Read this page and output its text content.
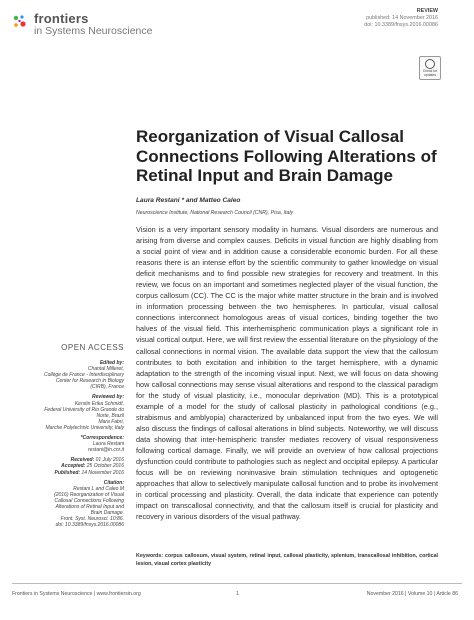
frontiers
in Systems Neuroscience
REVIEW
published: 14 November 2016
doi: 10.3389/fnsys.2016.00086
Check for updates
Reorganization of Visual Callosal Connections Following Alterations of Retinal Input and Brain Damage
Laura Restani * and Matteo Caleo
Neuroscience Institute, National Research Council (CNR), Pisa, Italy

Vision is a very important sensory modality in humans. Visual disorders are numerous and arising from diverse and complex causes. Deficits in visual function are highly disabling from a social point of view and in addition cause a considerable economic burden. For all these reasons there is an intense effort by the scientific community to gather knowledge on visual deficit mechanisms and to find possible new strategies for recovery and treatment. In this review, we focus on an important and sometimes neglected player of the visual function, the corpus callosum (CC). The CC is the major white matter structure in the brain and is involved in information processing between the two hemispheres. In particular, visual callosal connections interconnect homologous areas of visual cortices, binding together the two halves of the visual field. This interhemispheric communication plays a significant role in visual cortical output. Here, we will first review the essential literature on the physiology of the callosal connections in normal vision. The available data support the view that the callosum contributes to both excitation and inhibition to the target hemisphere, with a dynamic adaptation to the strength of the incoming visual input. Next, we will focus on data showing how callosal connections may sense visual alterations and respond to the classical paradigm for the study of visual plasticity, i.e., monocular deprivation (MD). This is a prototypical example of a model for the study of callosal plasticity in pathological conditions (e.g., strabismus and amblyopia) characterized by unbalanced input from the two eyes. We will also discuss the findings of callosal alterations in blind subjects. Noteworthy, we will discuss data showing that inter-hemispheric transfer mediates recovery of visual responsiveness following cortical damage. Finally, we will provide an overview of how callosal projections dysfunction could contribute to pathologies such as neglect and occipital epilepsy. A particular focus will be on reviewing noninvasive brain stimulation techniques and optogenetic approaches that allow to selectively manipulate callosal function and to probe its involvement in cortical processing and plasticity. Overall, the data indicate that experience can potently impact on transcallosal connectivity, and that the callosum itself is crucial for plasticity and recovery in various disorders of the visual pathway.

Keywords: corpus callosum, visual system, retinal input, callosal plasticity, splenium, transcallosal inhibition, cortical lesion, visual cortex plasticity

OPEN ACCESS
Edited by:
Chantal Milleret,
Collège de France - Interdisciplinary
Center for Research in Biology
(CIRB), France
Reviewed by:
Kerstin Erika Schmidt,
Federal University of Rio Grande do
Norte, Brazil
Mara Fabri,
Marche Polytechnic University, Italy
*Correspondence:
Laura Restani
restani@in.cnr.it
Received: 01 July 2016
Accepted: 25 October 2016
Published: 14 November 2016
Citation:
Restani L and Caleo M
(2016) Reorganization of Visual
Callosal Connections Following
Alterations of Retinal Input and
Brain Damage.
Front. Syst. Neurosci. 10:86.
doi: 10.3389/fnsys.2016.00086
Frontiers in Systems Neuroscience | www.frontiersin.org	1	November 2016 | Volume 10 | Article 86
